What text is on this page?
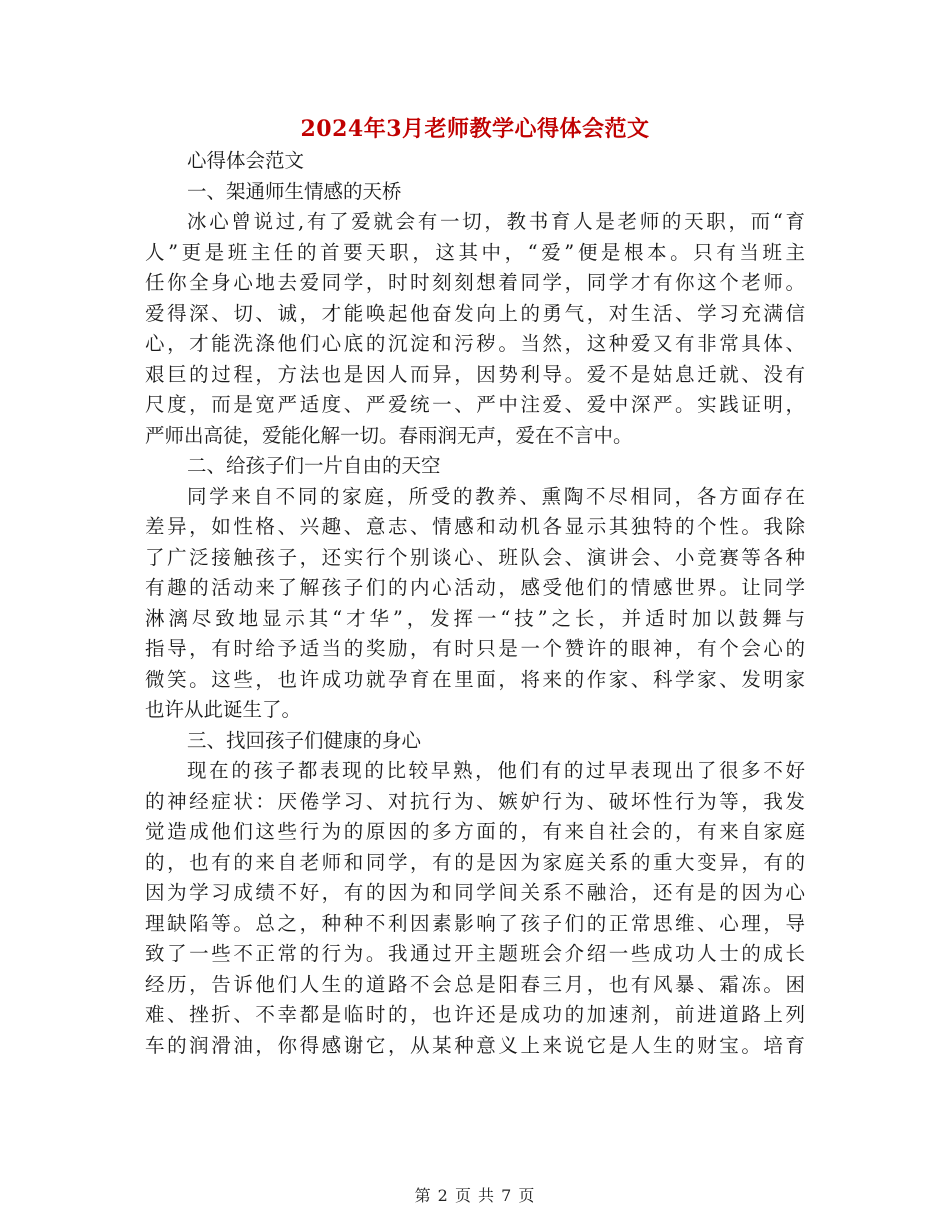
2024年3月老师教学心得体会范文
心得体会范文
一、架通师生情感的天桥
冰心曾说过,有了爱就会有一切，教书育人是老师的天职，而“育
人”更是班主任的首要天职，这其中，“爱”便是根本。只有当班主
任你全身心地去爱同学，时时刻刻想着同学，同学才有你这个老师。
爱得深、切、诚，才能唤起他奋发向上的勇气，对生活、学习充满信
心，才能洗涤他们心底的沉淀和污秽。当然，这种爱又有非常具体、
艰巨的过程，方法也是因人而异，因势利导。爱不是姑息迁就、没有
尺度，而是宽严适度、严爱统一、严中注爱、爱中深严。实践证明，
严师出高徒，爱能化解一切。春雨润无声，爱在不言中。
二、给孩子们一片自由的天空
同学来自不同的家庭，所受的教养、熏陶不尽相同，各方面存在
差异，如性格、兴趣、意志、情感和动机各显示其独特的个性。我除
了广泛接触孩子，还实行个别谈心、班队会、演讲会、小竞赛等各种
有趣的活动来了解孩子们的内心活动，感受他们的情感世界。让同学
淋漓尽致地显示其“才华”，发挥一“技”之长，并适时加以鼓舞与
指导，有时给予适当的奖励，有时只是一个赞许的眼神，有个会心的
微笑。这些，也许成功就孕育在里面，将来的作家、科学家、发明家
也许从此诞生了。
三、找回孩子们健康的身心
现在的孩子都表现的比较早熟，他们有的过早表现出了很多不好
的神经症状：厌倦学习、对抗行为、嫉妒行为、破坏性行为等，我发
觉造成他们这些行为的原因的多方面的，有来自社会的，有来自家庭
的，也有的来自老师和同学，有的是因为家庭关系的重大变异，有的
因为学习成绩不好，有的因为和同学间关系不融洽，还有是的因为心
理缺陷等。总之，种种不利因素影响了孩子们的正常思维、心理，导
致了一些不正常的行为。我通过开主题班会介绍一些成功人士的成长
经历，告诉他们人生的道路不会总是阳春三月，也有风暴、霜冻。困
难、挫折、不幸都是临时的，也许还是成功的加速剂，前进道路上列
车的润滑油，你得感谢它，从某种意义上来说它是人生的财宝。培育
第 2 页 共 7 页
